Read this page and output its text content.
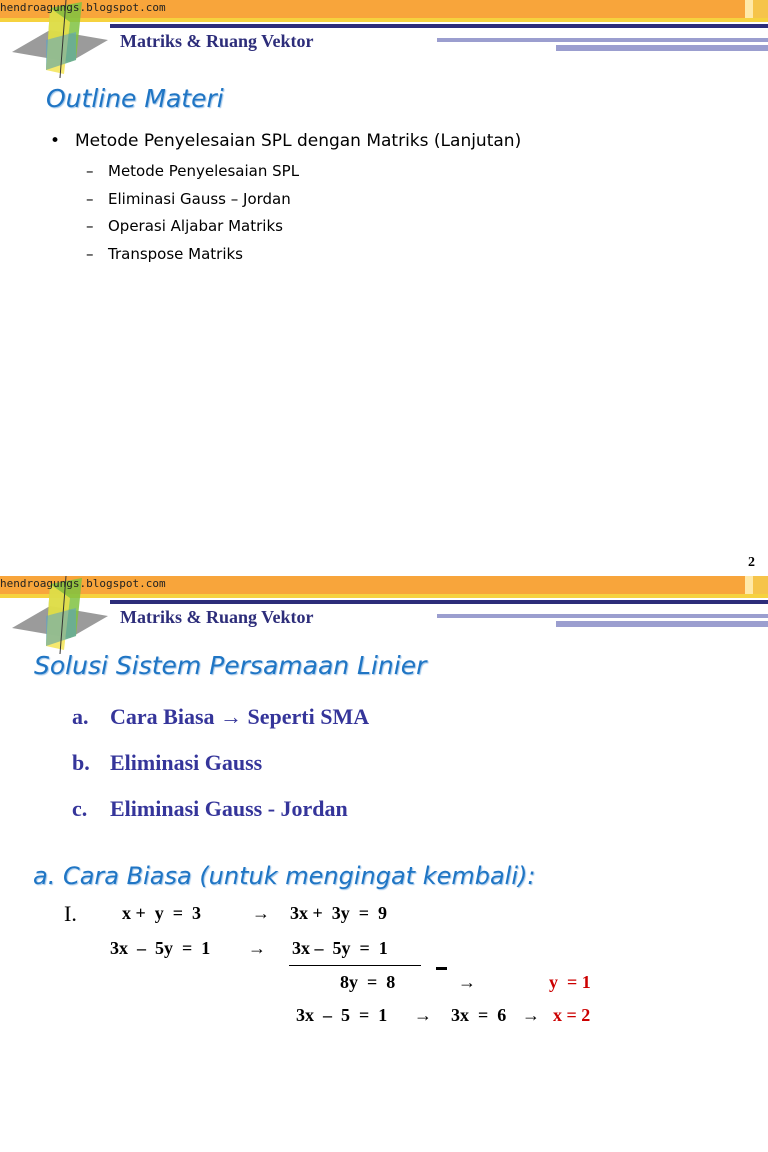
hendroagungs.blogspot.com
Matriks & Ruang Vektor
Outline Materi
• Metode Penyelesaian SPL dengan Matriks (Lanjutan)
– Metode Penyelesaian SPL
– Eliminasi Gauss – Jordan
– Operasi Aljabar Matriks
– Transpose Matriks
2
hendroagungs.blogspot.com
Matriks & Ruang Vektor
Solusi Sistem Persamaan Linier
a. Cara Biasa → Seperti SMA
b. Eliminasi Gauss
c. Eliminasi Gauss - Jordan
a. Cara Biasa (untuk mengingat kembali):
I.	x +  y  =  3	→ 3x +  3y  =  9
3x  –  5y  =  1 → 3x –  5y  =  1
8y  =  8	→	y  = 1
3x  –  5  =  1 → 3x  =  6 → x = 2
